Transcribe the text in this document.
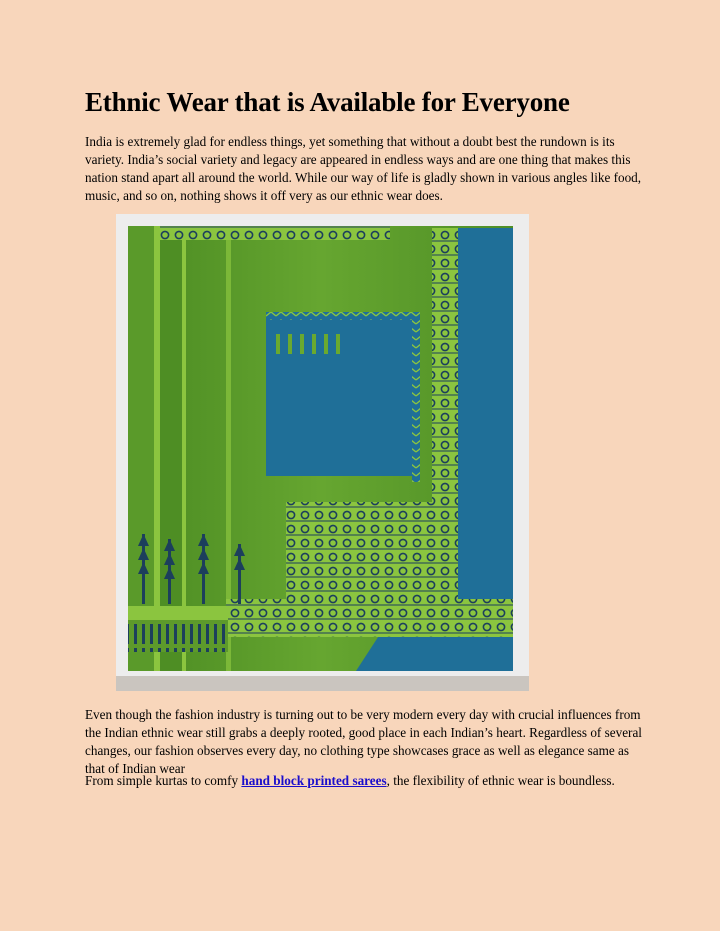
Ethnic Wear that is Available for Everyone

India is extremely glad for endless things, yet something that without a doubt best the rundown is its variety. India’s social variety and legacy are appeared in endless ways and are one thing that makes this nation stand apart all around the world. While our way of life is gladly shown in various angles like food, music, and so on, nothing shows it off very as our ethnic wear does.

Even though the fashion industry is turning out to be very modern every day with crucial influences from the Indian ethnic wear still grabs a deeply rooted, good place in each Indian’s heart. Regardless of several changes, our fashion observes every day, no clothing type showcases grace as well as elegance same as that of Indian wear

From simple kurtas to comfy hand block printed sarees, the flexibility of ethnic wear is boundless.
